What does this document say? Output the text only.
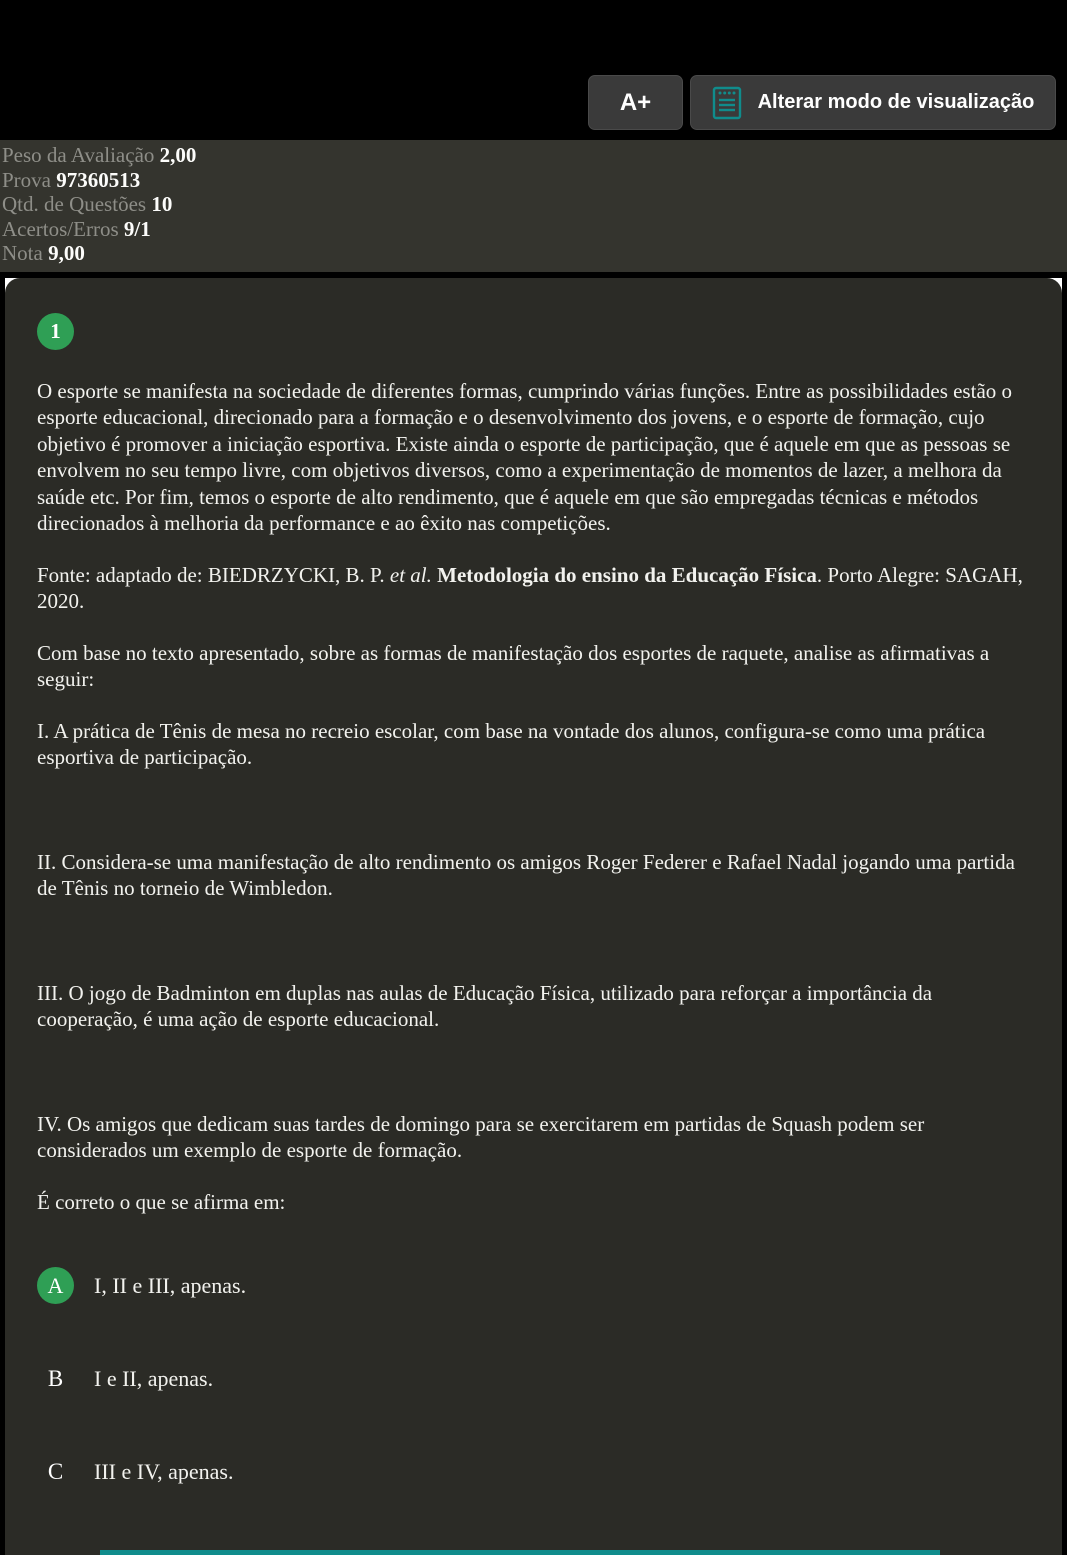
A+	Alterar modo de visualização
Peso da Avaliação 2,00
Prova 97360513
Qtd. de Questões 10
Acertos/Erros 9/1
Nota 9,00
1

O esporte se manifesta na sociedade de diferentes formas, cumprindo várias funções. Entre as possibilidades estão o esporte educacional, direcionado para a formação e o desenvolvimento dos jovens, e o esporte de formação, cujo objetivo é promover a iniciação esportiva. Existe ainda o esporte de participação, que é aquele em que as pessoas se envolvem no seu tempo livre, com objetivos diversos, como a experimentação de momentos de lazer, a melhora da saúde etc. Por fim, temos o esporte de alto rendimento, que é aquele em que são empregadas técnicas e métodos direcionados à melhoria da performance e ao êxito nas competições.

Fonte: adaptado de: BIEDRZYCKI, B. P. et al. Metodologia do ensino da Educação Física. Porto Alegre: SAGAH, 2020.

Com base no texto apresentado, sobre as formas de manifestação dos esportes de raquete, analise as afirmativas a seguir:

I. A prática de Tênis de mesa no recreio escolar, com base na vontade dos alunos, configura-se como uma prática esportiva de participação.

II. Considera-se uma manifestação de alto rendimento os amigos Roger Federer e Rafael Nadal jogando uma partida de Tênis no torneio de Wimbledon.

III. O jogo de Badminton em duplas nas aulas de Educação Física, utilizado para reforçar a importância da cooperação, é uma ação de esporte educacional.

IV. Os amigos que dedicam suas tardes de domingo para se exercitarem em partidas de Squash podem ser considerados um exemplo de esporte de formação.

É correto o que se afirma em:

A	I, II e III, apenas.
B	I e II, apenas.
C	III e IV, apenas.
